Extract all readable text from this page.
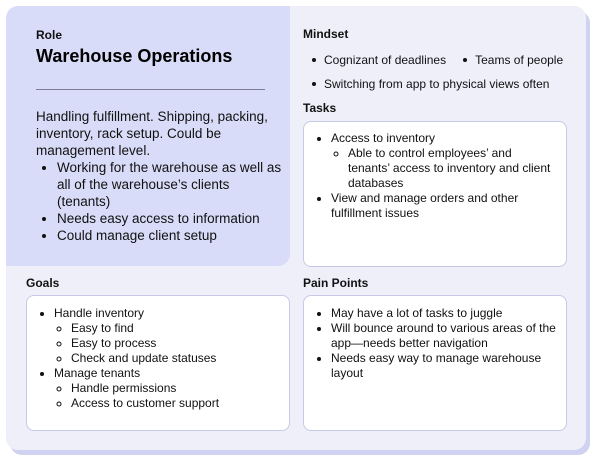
Role
Warehouse Operations
Handling fulfillment. Shipping, packing, inventory, rack setup. Could be management level.
• Working for the warehouse as well as all of the warehouse’s clients (tenants)
• Needs easy access to information
• Could manage client setup
Mindset
Cognizant of deadlines Teams of people
Switching from app to physical views often
Tasks
• Access to inventory
◦ Able to control employees’ and tenants’ access to inventory and client databases
• View and manage orders and other fulfillment issues
Goals
• Handle inventory
◦ Easy to find
◦ Easy to process
◦ Check and update statuses
• Manage tenants
◦ Handle permissions
◦ Access to customer support
Pain Points
• May have a lot of tasks to juggle
• Will bounce around to various areas of the app—needs better navigation
• Needs easy way to manage warehouse layout
